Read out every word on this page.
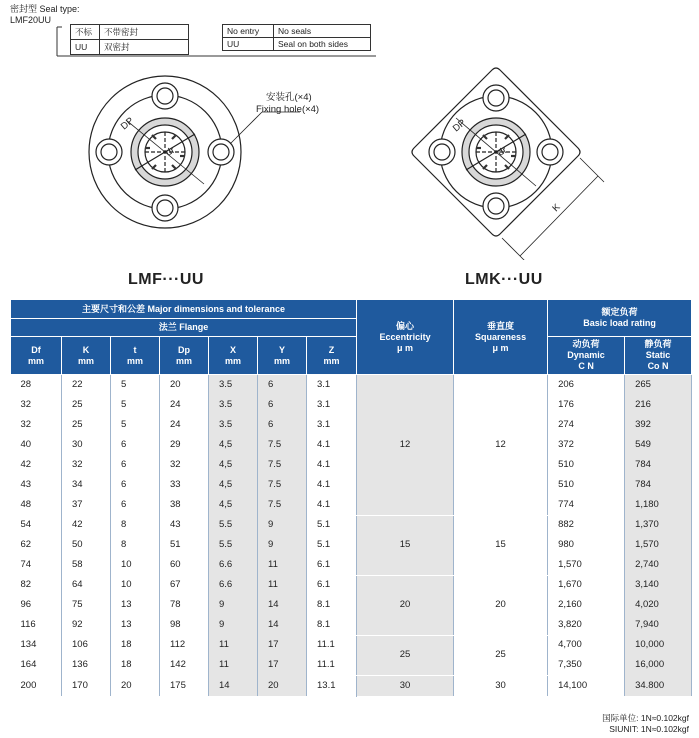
密封型 Seal type:
LMF20UU
不标	不带密封
UU	双密封
No entry	No seals
UU	Seal on both sides
DP
dr
DP
dr
K
安装孔(×4)
Fixing hole(×4)
LMF···UU	LMK···UU
主要尺寸和公差 Major dimensions and tolerance							偏心
Eccentricity
μ m	垂直度
Squareness
μ m	额定负荷
Basic load rating	
法兰 Flange										
Df
mm	K
mm	t
mm	Dp
mm	X
mm	Y
mm	Z
mm			动负荷
Dynamic
C N	静负荷
Static
Co N
28	22	5	20	3.5	6	3.1	12	12	206	265
32	25	5	24	3.5	6	3.1			176	216
32	25	5	24	3.5	6	3.1			274	392
40	30	6	29	4,5	7.5	4.1			372	549
42	32	6	32	4,5	7.5	4.1			510	784
43	34	6	33	4,5	7.5	4.1			510	784
48	37	6	38	4,5	7.5	4.1			774	1,180
54	42	8	43	5.5	9	5.1	15	15	882	1,370
62	50	8	51	5.5	9	5.1			980	1,570
74	58	10	60	6.6	11	6.1			1,570	2,740
82	64	10	67	6.6	11	6.1	20	20	1,670	3,140
96	75	13	78	9	14	8.1			2,160	4,020
116	92	13	98	9	14	8.1			3,820	7,940
134	106	18	112	11	17	11.1	25	25	4,700	10,000
164	136	18	142	11	17	11.1			7,350	16,000
200	170	20	175	14	20	13.1	30	30	14,100	34.800
国际单位: 1N≈0.102kgf
SIUNIT: 1N≈0.102kgf
